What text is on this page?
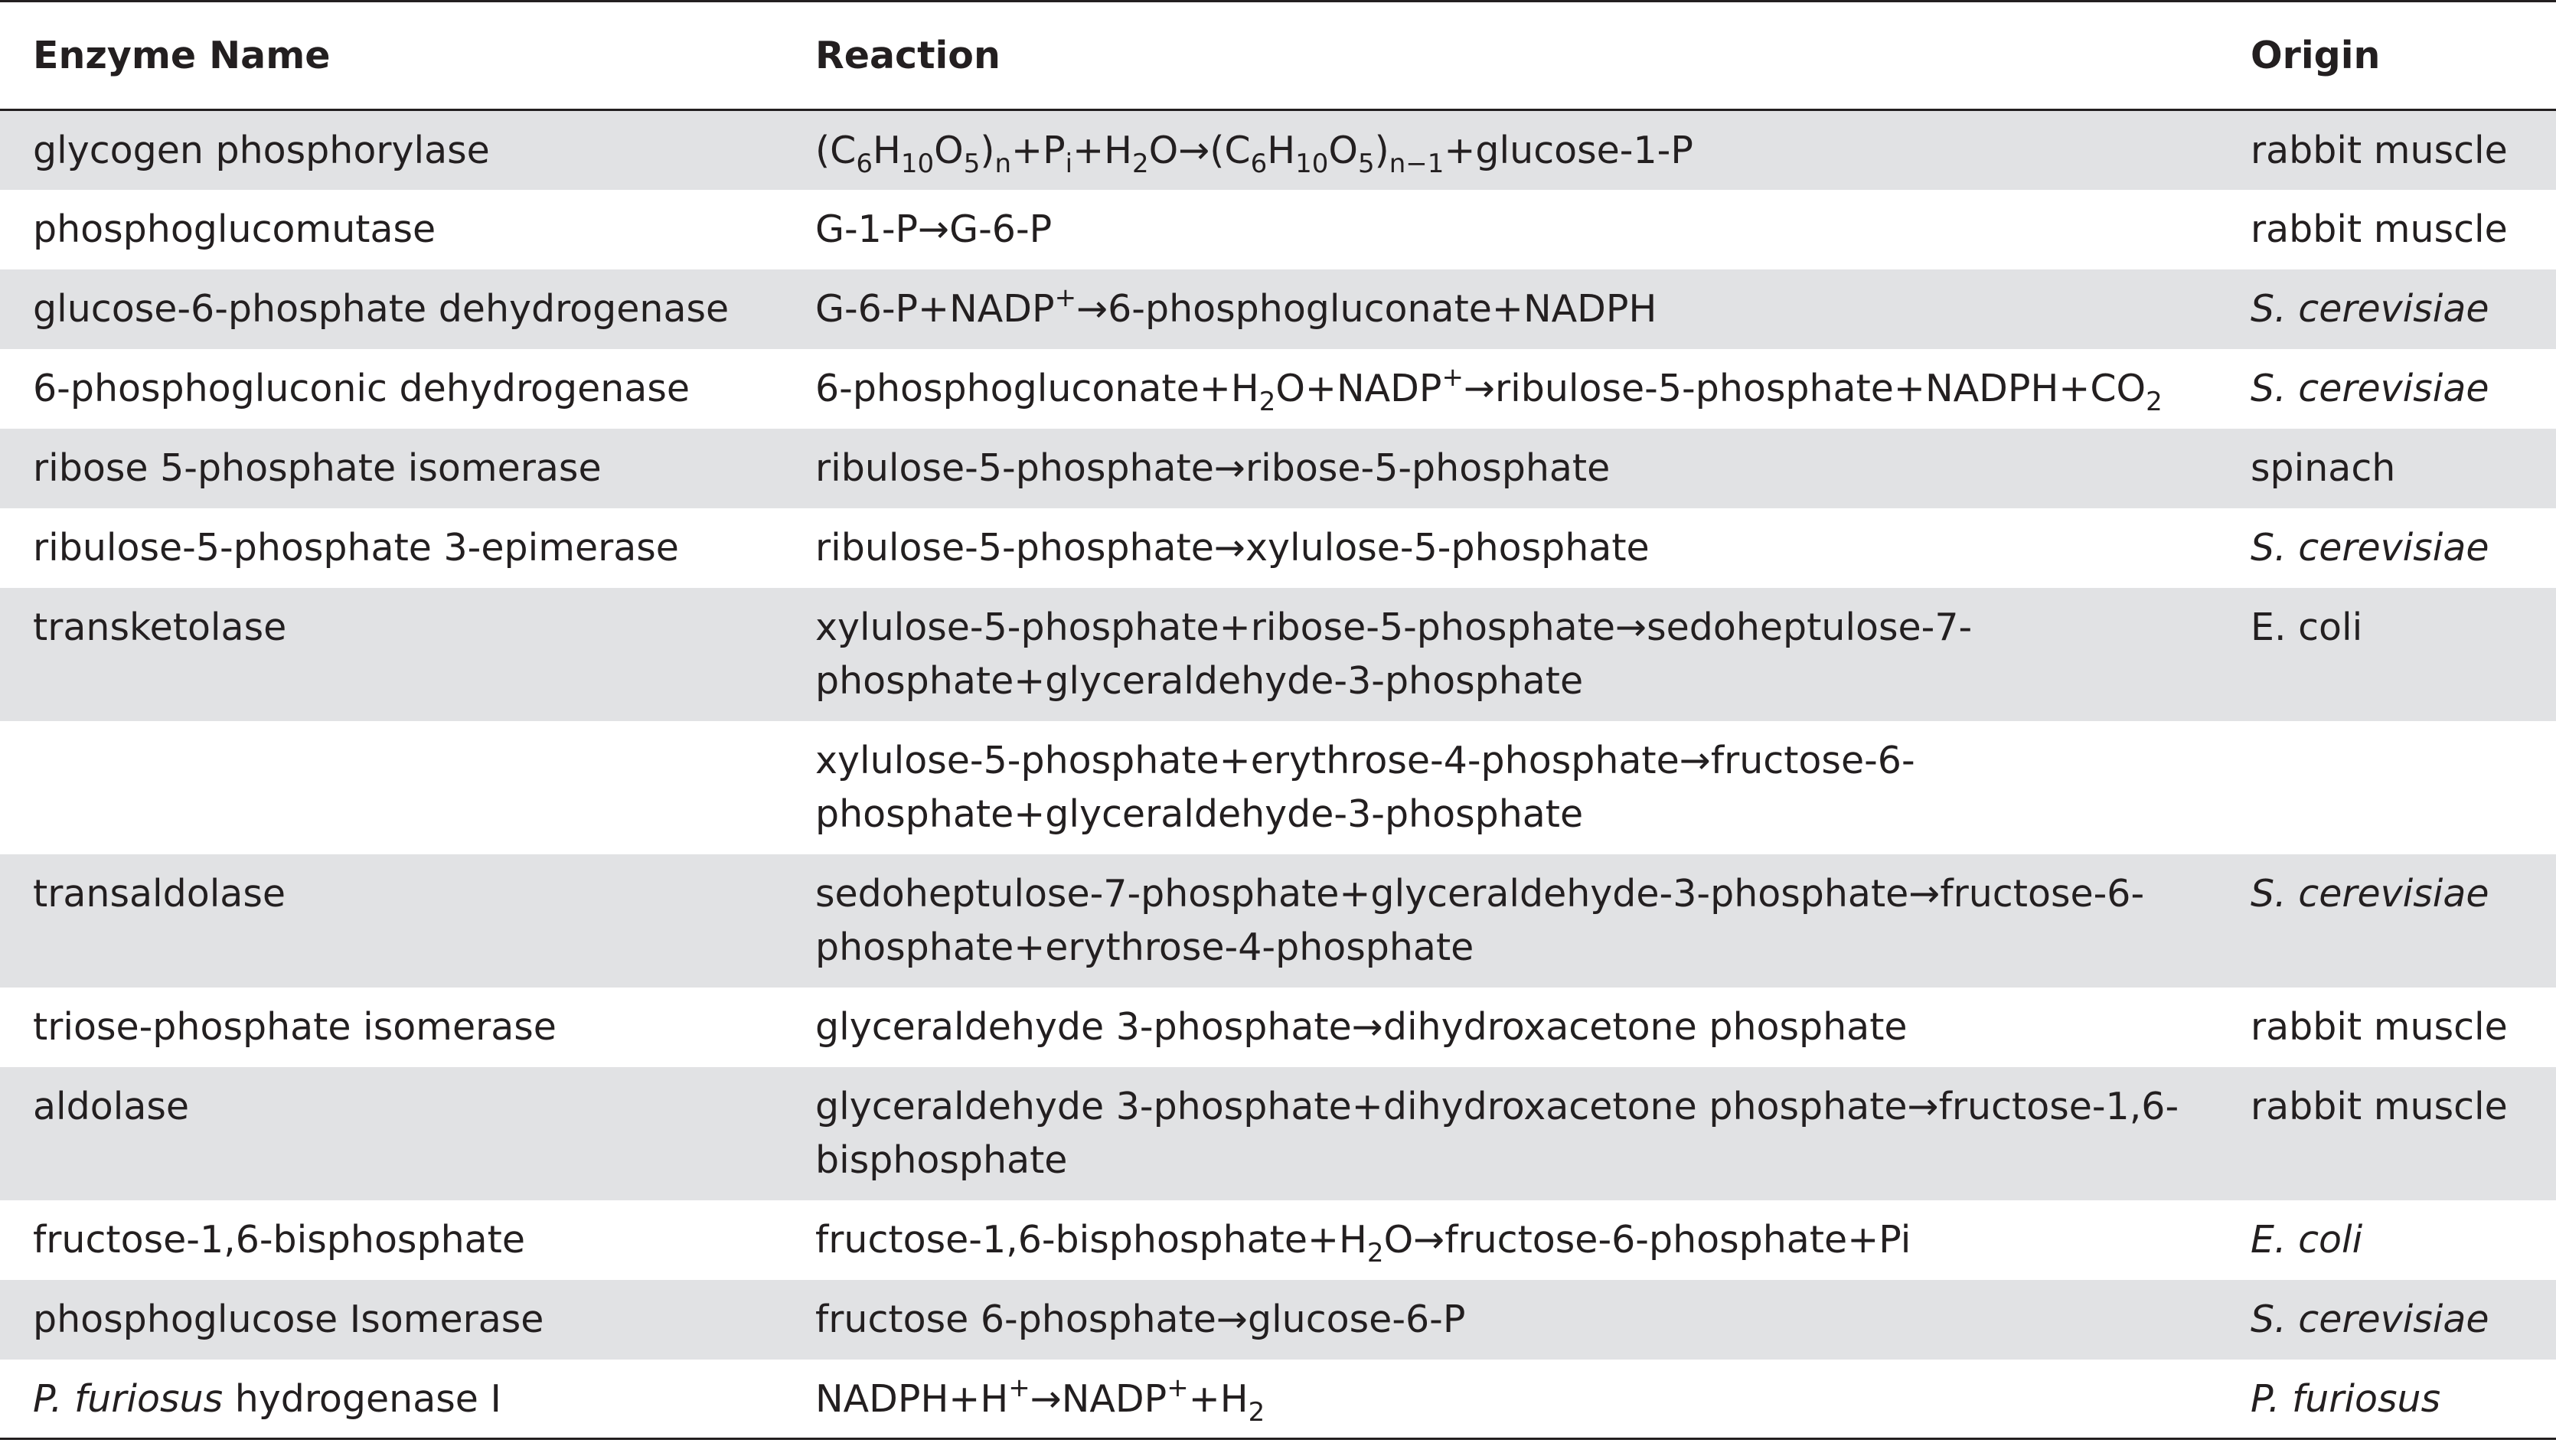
Enzyme Name	Reaction	Origin

glycogen phosphorylase	$(C_6H_{10}O_5)_n+P_i+H_2O\to(C_6H_{10}O_5)_{n-1}+glucose-1-P$	rabbit muscle

phosphoglucomutase	G-1-P→G-6-P	rabbit muscle

glucose-6-phosphate dehydrogenase	G-6-P+NADP+→6-phosphogluconate+NADPH	S. cerevisiae

6-phosphogluconic dehydrogenase	$6-phosphogluconate+H_2O+NADP^+\to ribulose-5-phosphate+NADPH+CO_2$	S. cerevisiae

ribose 5-phosphate isomerase	ribulose-5-phosphate→ribose-5-phosphate	spinach

ribulose-5-phosphate 3-epimerase	ribulose-5-phosphate→xylulose-5-phosphate	S. cerevisiae

transketolase	xylulose-5-phosphate+ribose-5-phosphate→sedoheptulose-7-
phosphate+glyceraldehyde-3-phosphate	E. coli

	xylulose-5-phosphate+erythrose-4-phosphate→fructose-6-
phosphate+glyceraldehyde-3-phosphate	

transaldolase	sedoheptulose-7-phosphate+glyceraldehyde-3-phosphate→fructose-6-
phosphate+erythrose-4-phosphate	S. cerevisiae

triose-phosphate isomerase	glyceraldehyde 3-phosphate→dihydroxacetone phosphate	rabbit muscle

aldolase	glyceraldehyde 3-phosphate+dihydroxacetone phosphate→fructose-1,6-
bisphosphate	rabbit muscle

fructose-1,6-bisphosphate	fructose-$1,6-bisphosphate+H_2O\to fructose-6-phosphate+Pi$	E. coli

phosphoglucose Isomerase	fructose 6-phosphate→glucose-6-P	S. cerevisiae

P. furiosus hydrogenase I	$NADPH+H^+\to NADP^++H_2$	P. furiosus
